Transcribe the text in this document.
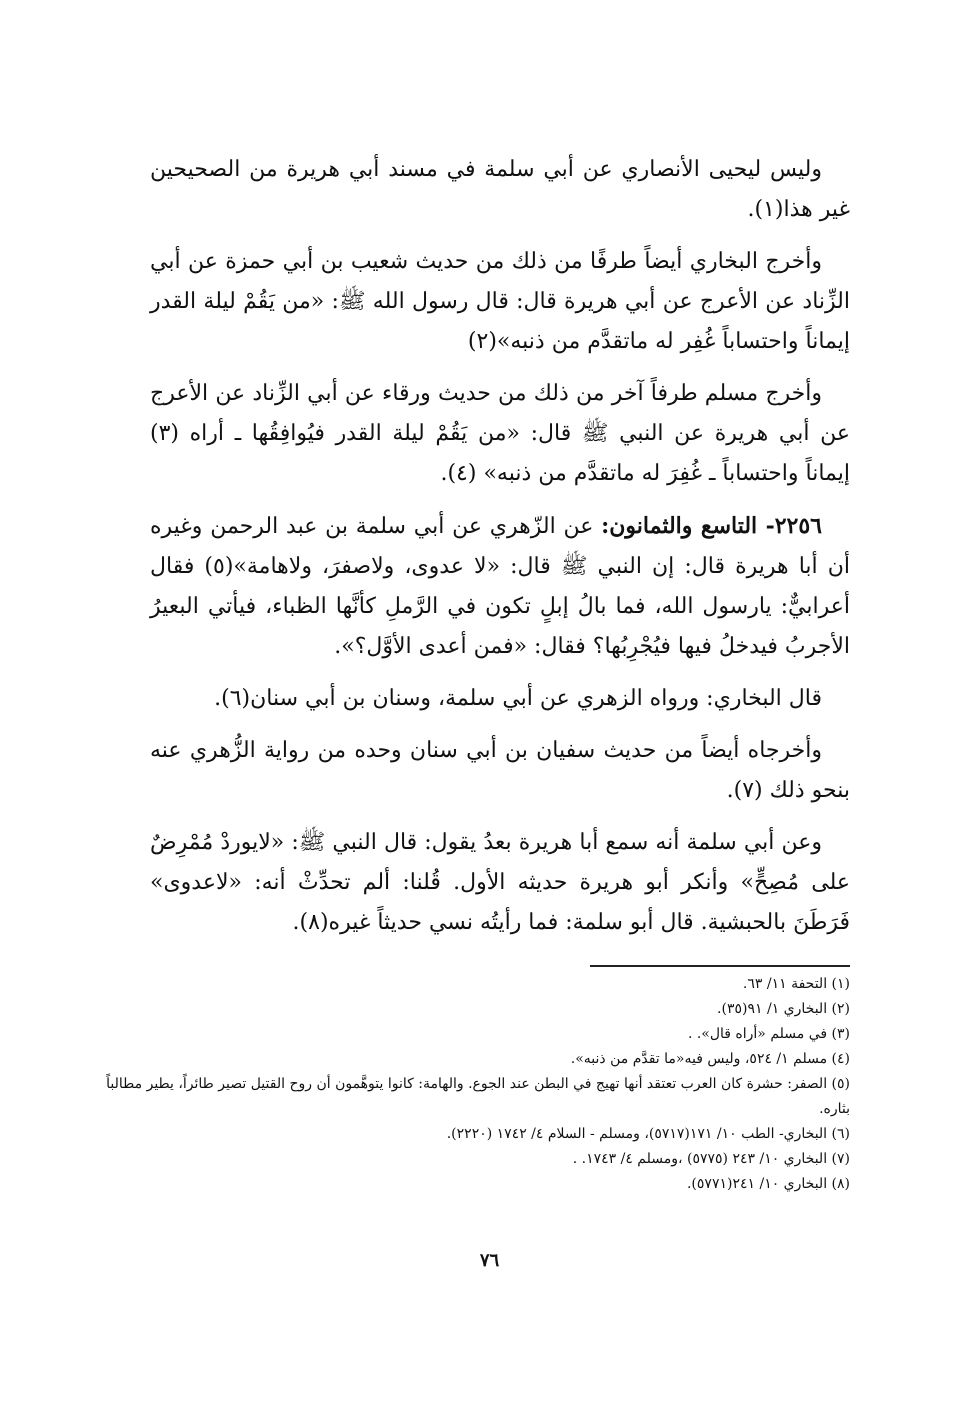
وليس ليحيى الأنصاري عن أبي سلمة في مسند أبي هريرة من الصحيحين غير هذا(١).

وأخرج البخاري أيضاً طرفًا من ذلك من حديث شعيب بن أبي حمزة عن أبي الزِّناد عن الأعرج عن أبي هريرة قال: قال رسول الله ﷺ: «من يَقُمْ ليلة القدر إيماناً واحتساباً غُفِر له ماتقدَّم من ذنبه»(٢)

وأخرج مسلم طرفاً آخر من ذلك من حديث ورقاء عن أبي الزِّناد عن الأعرج عن أبي هريرة عن النبي ﷺ قال: «من يَقُمْ ليلة القدر فيُوافِقُها ـ أراه (٣) إيماناً واحتساباً ـ غُفِرَ له ماتقدَّم من ذنبه» (٤).

٢٢٥٦- التاسع والثمانون: عن الزّهري عن أبي سلمة بن عبد الرحمن وغيره أن أبا هريرة قال: إن النبي ﷺ قال: «لا عدوى، ولاصفرَ، ولاهامة»(٥) فقال أعرابيٌّ: يارسول الله، فما بالُ إبلٍ تكون في الرَّملِ كأنَّها الظباء، فيأتي البعيرُ الأجربُ فيدخلُ فيها فيُجْرِبُها؟ فقال: «فمن أعدى الأوَّل؟».

قال البخاري: ورواه الزهري عن أبي سلمة، وسنان بن أبي سنان(٦).

وأخرجاه أيضاً من حديث سفيان بن أبي سنان وحده من رواية الزُّهري عنه بنحو ذلك (٧).

وعن أبي سلمة أنه سمع أبا هريرة بعدُ يقول: قال النبي ﷺ: «لايوردْ مُمْرِضٌ على مُصِحٍّ» وأنكر أبو هريرة حديثه الأول. قُلنا: ألم تحدِّثْ أنه: «لاعدوى» فَرَطَنَ بالحبشية. قال أبو سلمة: فما رأيتُه نسي حديثاً غيره(٨).

(١) التحفة ١١/ ٦٣.

(٢) البخاري ١/ ٩١(٣٥).

(٣) في مسلم «أراه قال». .

(٤) مسلم ١/ ٥٢٤، وليس فيه«ما تقدَّم من ذنبه».

(٥) الصفر: حشرة كان العرب تعتقد أنها تهيج في البطن عند الجوع. والهامة: كانوا يتوهَّمون أن روح القتيل تصير طائراً، يطير مطالباً بثاره.

(٦) البخاري- الطب ١٠/ ١٧١(٥٧١٧)، ومسلم - السلام ٤/ ١٧٤٢ (٢٢٢٠).

(٧) البخاري ١٠/ ٢٤٣ (٥٧٧٥) ،ومسلم ٤/ ١٧٤٣. .

(٨) البخاري ١٠/ ٢٤١(٥٧٧١).

٧٦
